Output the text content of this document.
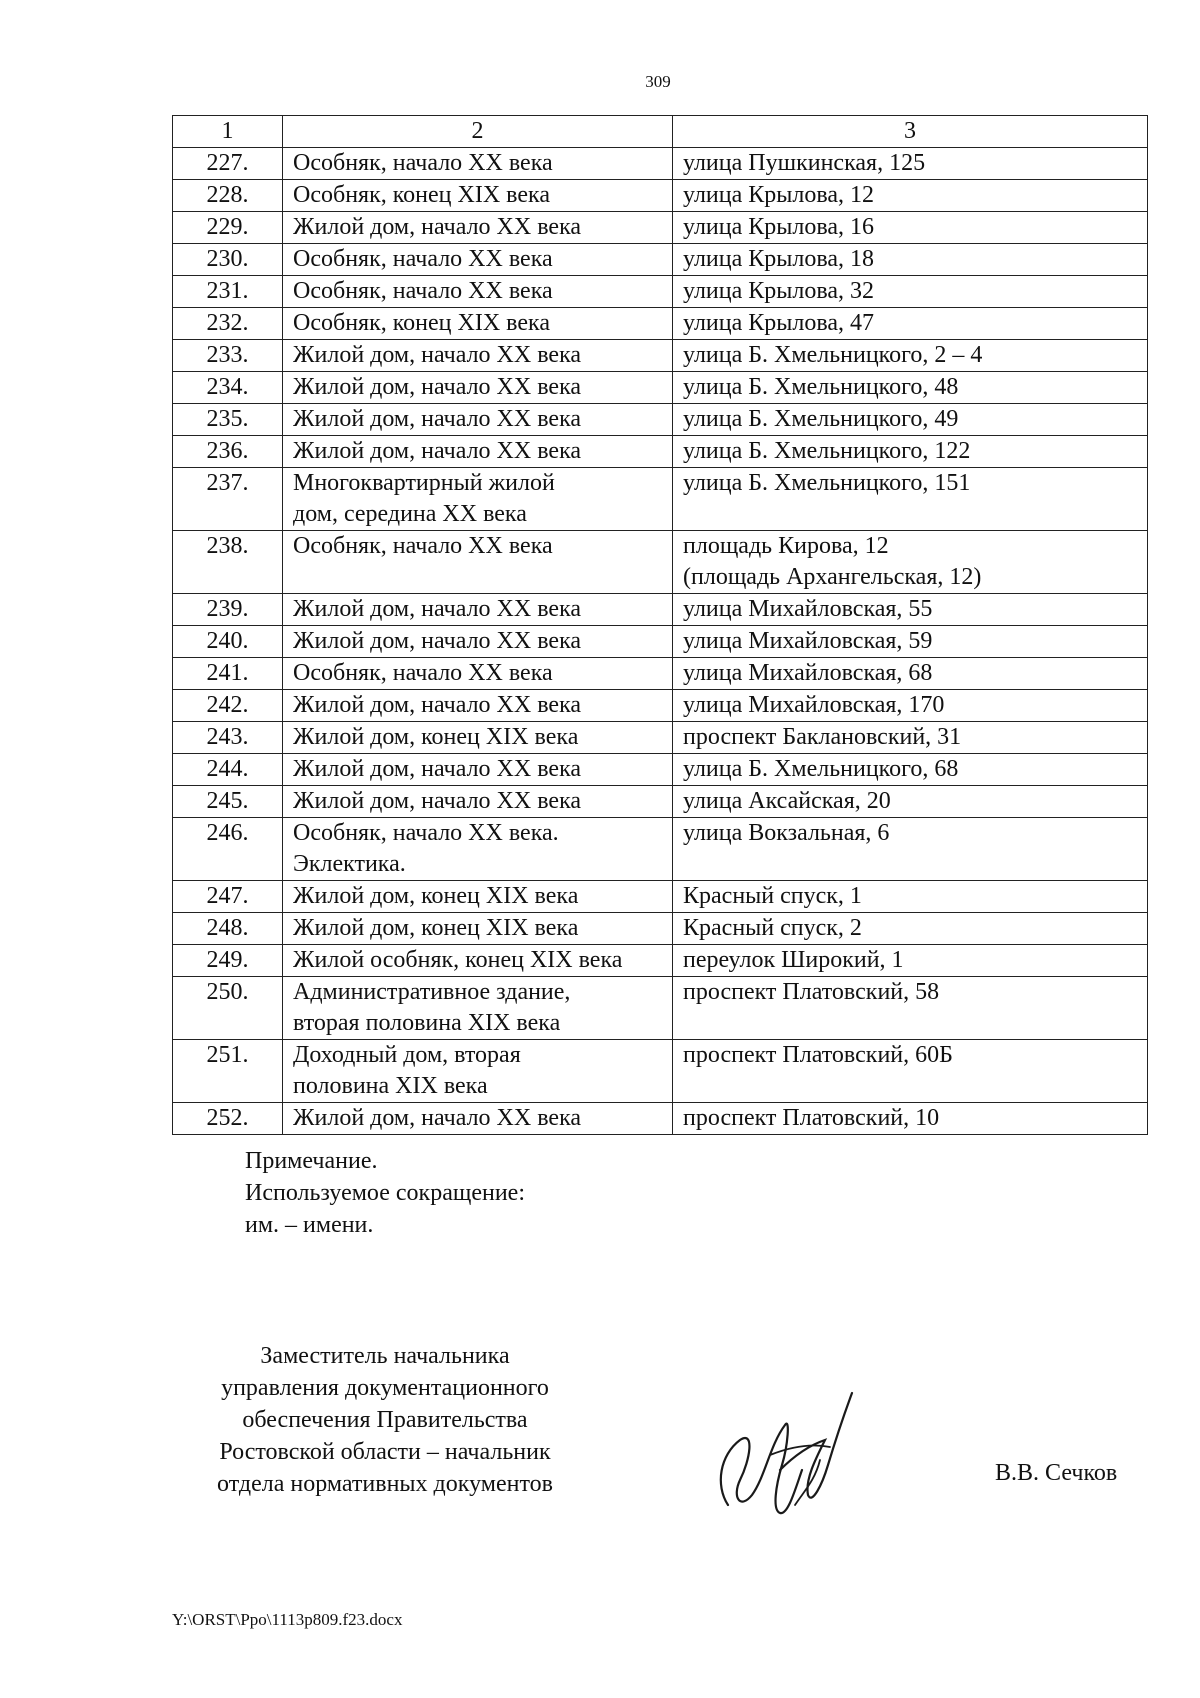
309
1	2	3
227.	Особняк, начало XX века	улица Пушкинская, 125

228.	Особняк, конец XIX века	улица Крылова, 12

229.	Жилой дом, начало XX века	улица Крылова, 16

230.	Особняк, начало XX века	улица Крылова, 18

231.	Особняк, начало XX века	улица Крылова, 32

232.	Особняк, конец XIX века	улица Крылова, 47

233.	Жилой дом, начало XX века	улица Б. Хмельницкого, 2 – 4

234.	Жилой дом, начало XX века	улица Б. Хмельницкого, 48

235.	Жилой дом, начало XX века	улица Б. Хмельницкого, 49

236.	Жилой дом, начало XX века	улица Б. Хмельницкого, 122

237.	Многоквартирный жилой
дом, середина XX века	улица Б. Хмельницкого, 151

238.	Особняк, начало XX века	площадь Кирова, 12
(площадь Архангельская, 12)

239.	Жилой дом, начало XX века	улица Михайловская, 55

240.	Жилой дом, начало XX века	улица Михайловская, 59

241.	Особняк, начало XX века	улица Михайловская, 68

242.	Жилой дом, начало XX века	улица Михайловская, 170

243.	Жилой дом, конец XIX века	проспект Баклановский, 31

244.	Жилой дом, начало XX века	улица Б. Хмельницкого, 68

245.	Жилой дом, начало XX века	улица Аксайская, 20

246.	Особняк, начало XX века.
Эклектика.	улица Вокзальная, 6

247.	Жилой дом, конец XIX века	Красный спуск, 1

248.	Жилой дом, конец XIX века	Красный спуск, 2

249.	Жилой особняк, конец XIX века	переулок Широкий, 1

250.	Административное здание,
вторая половина XIX века	проспект Платовский, 58

251.	Доходный дом, вторая
половина XIX века	проспект Платовский, 60Б

252.	Жилой дом, начало XX века	проспект Платовский, 10
Примечание.
Используемое сокращение:
им. – имени.
Заместитель начальника
управления документационного
обеспечения Правительства
Ростовской области – начальник
отдела нормативных документов	В.В. Сечков
Y:\ORST\Ppo\1113p809.f23.docx
